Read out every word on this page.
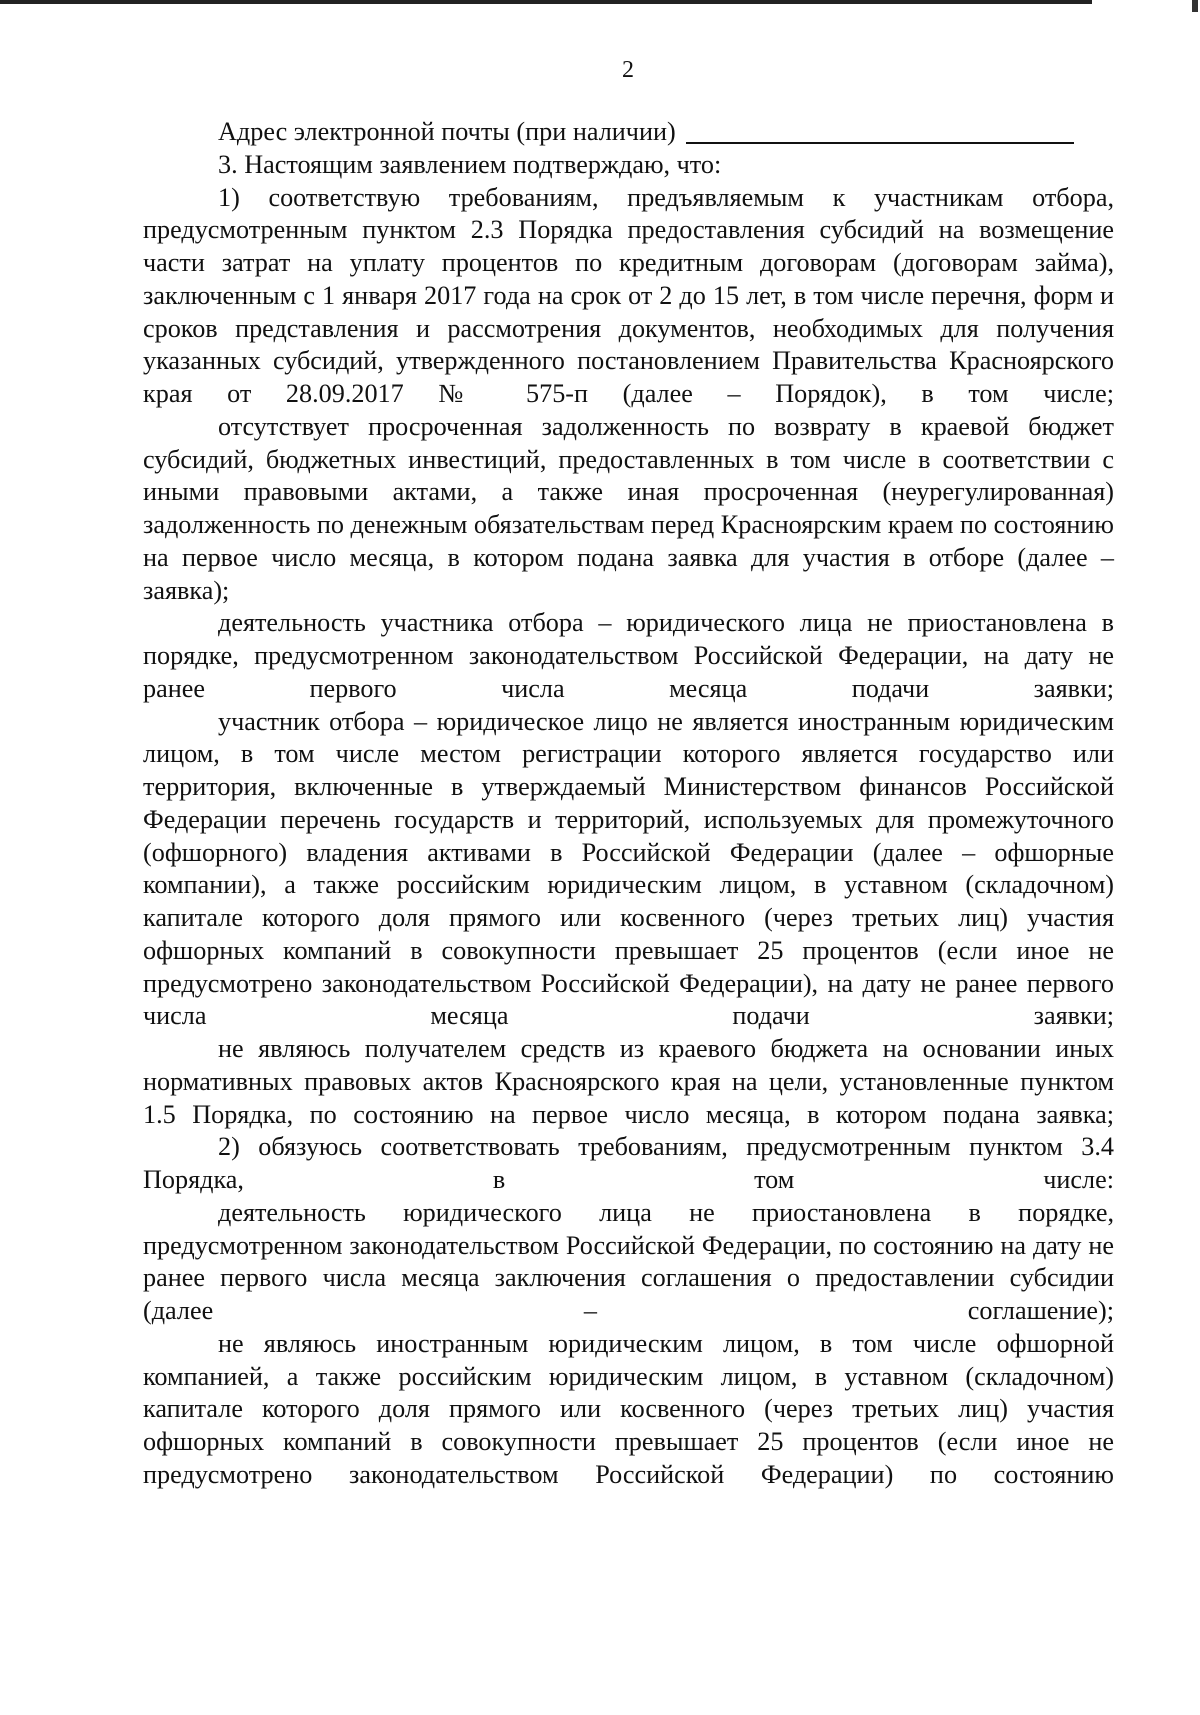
2

Адрес электронной почты (при наличии)

3. Настоящим заявлением подтверждаю, что:

1) соответствую требованиям, предъявляемым к участникам отбора, предусмотренным пунктом 2.3 Порядка предоставления субсидий на возмещение части затрат на уплату процентов по кредитным договорам (договорам займа), заключенным с 1 января 2017 года на срок от 2 до 15 лет, в том числе перечня, форм и сроков представления и рассмотрения документов, необходимых для получения указанных субсидий, утвержденного постановлением Правительства Красноярского края от 28.09.2017 № 575-п (далее – Порядок), в том числе;

отсутствует просроченная задолженность по возврату в краевой бюджет субсидий, бюджетных инвестиций, предоставленных в том числе в соответствии с иными правовыми актами, а также иная просроченная (неурегулированная) задолженность по денежным обязательствам перед Красноярским краем по состоянию на первое число месяца, в котором подана заявка для участия в отборе (далее – заявка);

деятельность участника отбора – юридического лица не приостановлена в порядке, предусмотренном законодательством Российской Федерации, на дату не ранее первого числа месяца подачи заявки;

участник отбора – юридическое лицо не является иностранным юридическим лицом, в том числе местом регистрации которого является государство или территория, включенные в утверждаемый Министерством финансов Российской Федерации перечень государств и территорий, используемых для промежуточного (офшорного) владения активами в Российской Федерации (далее – офшорные компании), а также российским юридическим лицом, в уставном (складочном) капитале которого доля прямого или косвенного (через третьих лиц) участия офшорных компаний в совокупности превышает 25 процентов (если иное не предусмотрено законодательством Российской Федерации), на дату не ранее первого числа месяца подачи заявки;

не являюсь получателем средств из краевого бюджета на основании иных нормативных правовых актов Красноярского края на цели, установленные пунктом 1.5 Порядка, по состоянию на первое число месяца, в котором подана заявка;

2) обязуюсь соответствовать требованиям, предусмотренным пунктом 3.4 Порядка, в том числе:

деятельность юридического лица не приостановлена в порядке, предусмотренном законодательством Российской Федерации, по состоянию на дату не ранее первого числа месяца заключения соглашения о предоставлении субсидии (далее – соглашение);

не являюсь иностранным юридическим лицом, в том числе офшорной компанией, а также российским юридическим лицом, в уставном (складочном) капитале которого доля прямого или косвенного (через третьих лиц) участия офшорных компаний в совокупности превышает 25 процентов (если иное не предусмотрено законодательством Российской Федерации) по состоянию
